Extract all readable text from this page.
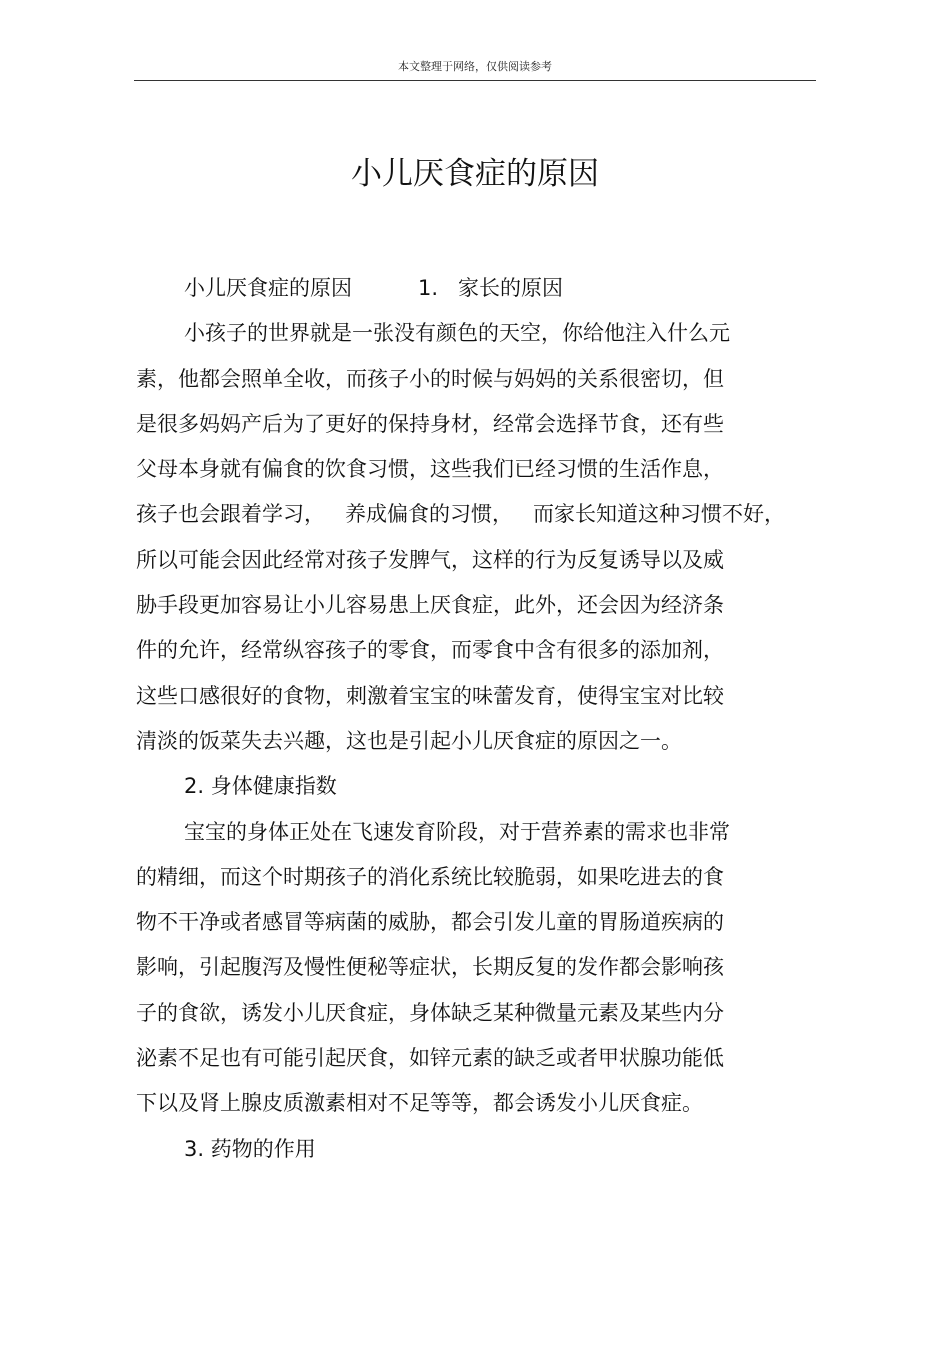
本文整理于网络，仅供阅读参考
小儿厌食症的原因
小儿厌食症的原因	1. 家长的原因
小孩子的世界就是一张没有颜色的天空，你给他注入什么元
素，他都会照单全收，而孩子小的时候与妈妈的关系很密切，但
是很多妈妈产后为了更好的保持身材，经常会选择节食，还有些
父母本身就有偏食的饮食习惯，这些我们已经习惯的生活作息，
孩子也会跟着学习， 养成偏食的习惯， 而家长知道这种习惯不好，
所以可能会因此经常对孩子发脾气，这样的行为反复诱导以及威
胁手段更加容易让小儿容易患上厌食症，此外，还会因为经济条
件的允许，经常纵容孩子的零食，而零食中含有很多的添加剂，
这些口感很好的食物，刺激着宝宝的味蕾发育，使得宝宝对比较
清淡的饭菜失去兴趣，这也是引起小儿厌食症的原因之一。
2. 身体健康指数
宝宝的身体正处在飞速发育阶段，对于营养素的需求也非常
的精细，而这个时期孩子的消化系统比较脆弱，如果吃进去的食
物不干净或者感冒等病菌的威胁，都会引发儿童的胃肠道疾病的
影响，引起腹泻及慢性便秘等症状，长期反复的发作都会影响孩
子的食欲，诱发小儿厌食症，身体缺乏某种微量元素及某些内分
泌素不足也有可能引起厌食，如锌元素的缺乏或者甲状腺功能低
下以及肾上腺皮质激素相对不足等等，都会诱发小儿厌食症。
3. 药物的作用
